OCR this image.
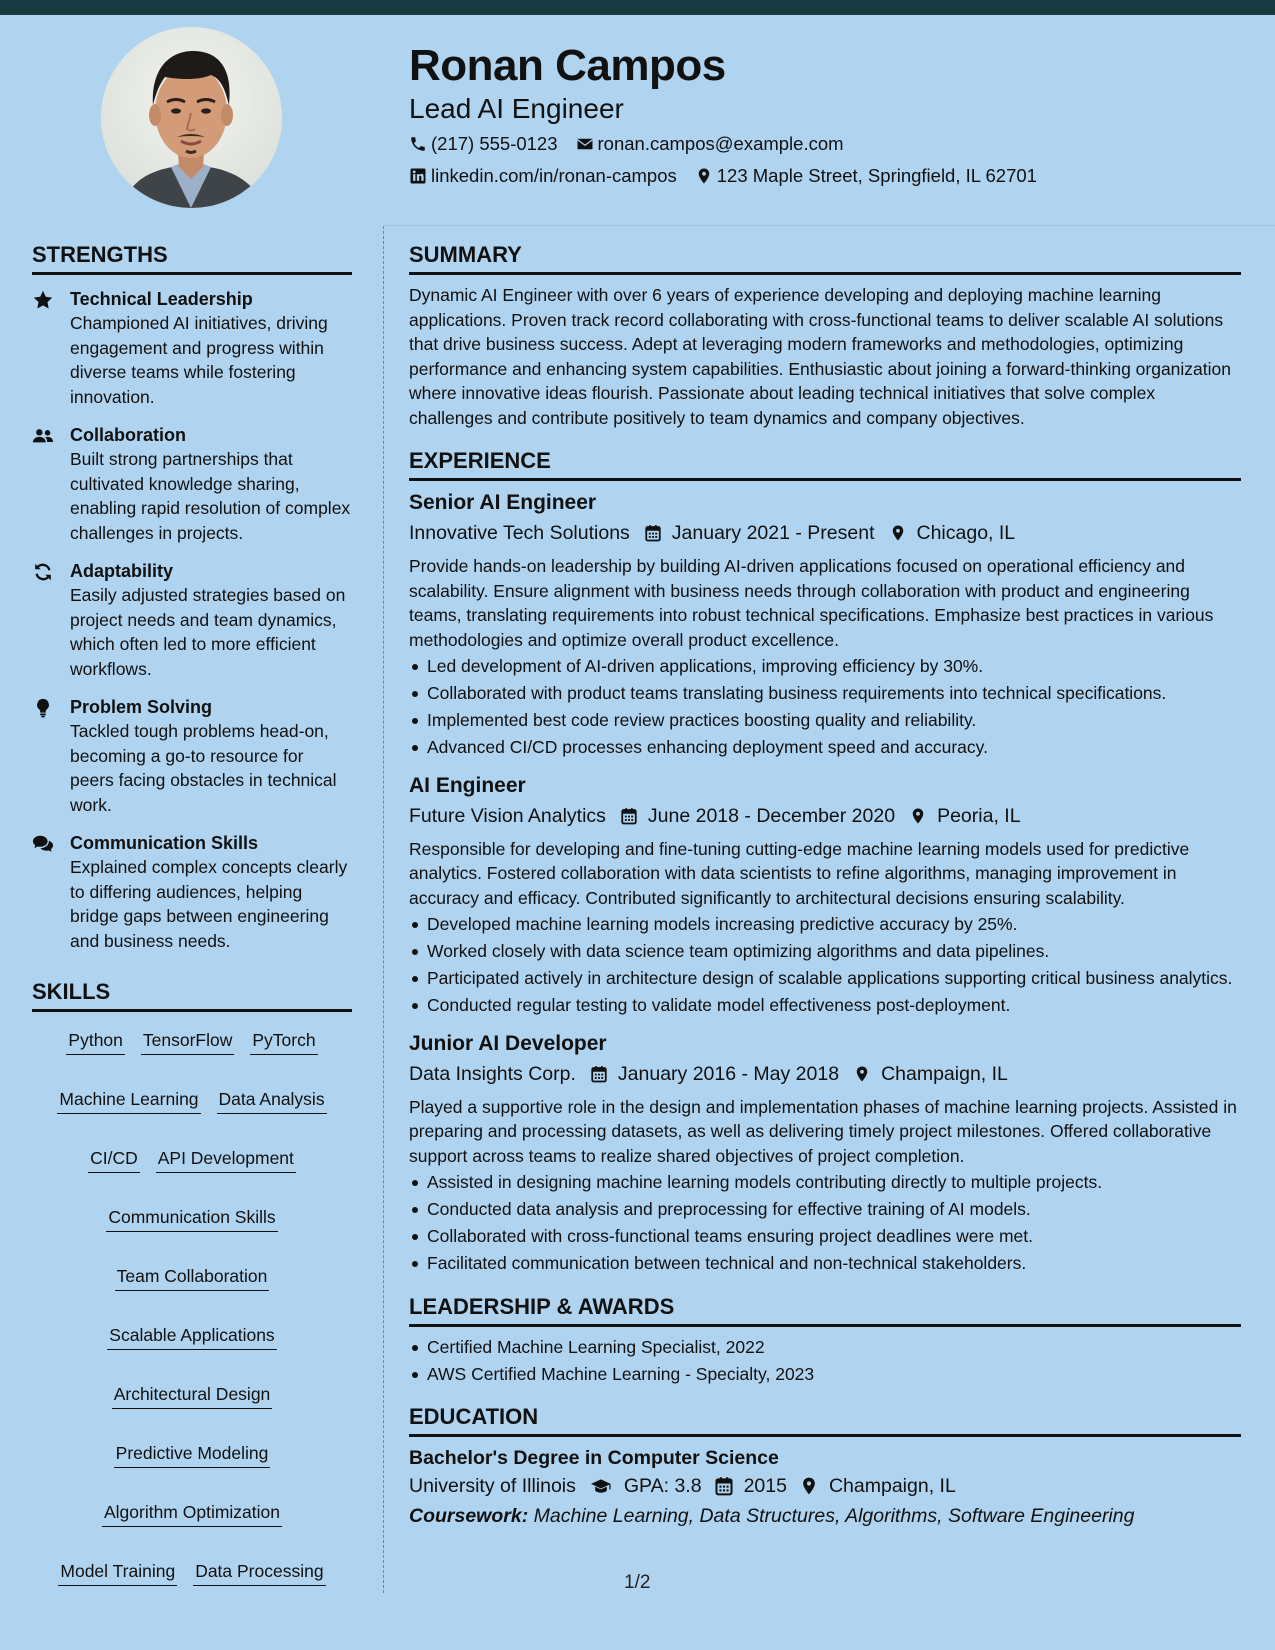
Ronan Campos
Lead AI Engineer
(217) 555-0123 ronan.campos@example.com
linkedin.com/in/ronan-campos 123 Maple Street, Springfield, IL 62701
STRENGTHS
Technical Leadership
Championed AI initiatives, driving engagement and progress within diverse teams while fostering innovation.
Collaboration
Built strong partnerships that cultivated knowledge sharing, enabling rapid resolution of complex challenges in projects.
Adaptability
Easily adjusted strategies based on project needs and team dynamics, which often led to more efficient workflows.
Problem Solving
Tackled tough problems head-on, becoming a go-to resource for peers facing obstacles in technical work.
Communication Skills
Explained complex concepts clearly to differing audiences, helping bridge gaps between engineering and business needs.
SKILLS
Python TensorFlow PyTorch
Machine Learning Data Analysis
CI/CD API Development
Communication Skills
Team Collaboration
Scalable Applications
Architectural Design
Predictive Modeling
Algorithm Optimization
Model Training Data Processing
SUMMARY
Dynamic AI Engineer with over 6 years of experience developing and deploying machine learning applications. Proven track record collaborating with cross-functional teams to deliver scalable AI solutions that drive business success. Adept at leveraging modern frameworks and methodologies, optimizing performance and enhancing system capabilities. Enthusiastic about joining a forward-thinking organization where innovative ideas flourish. Passionate about leading technical initiatives that solve complex challenges and contribute positively to team dynamics and company objectives.
EXPERIENCE
Senior AI Engineer
Innovative Tech Solutions January 2021 - Present Chicago, IL
Provide hands-on leadership by building AI-driven applications focused on operational efficiency and scalability. Ensure alignment with business needs through collaboration with product and engineering teams, translating requirements into robust technical specifications. Emphasize best practices in various methodologies and optimize overall product excellence.
Led development of AI-driven applications, improving efficiency by 30%.
Collaborated with product teams translating business requirements into technical specifications.
Implemented best code review practices boosting quality and reliability.
Advanced CI/CD processes enhancing deployment speed and accuracy.
AI Engineer
Future Vision Analytics June 2018 - December 2020 Peoria, IL
Responsible for developing and fine-tuning cutting-edge machine learning models used for predictive analytics. Fostered collaboration with data scientists to refine algorithms, managing improvement in accuracy and efficacy. Contributed significantly to architectural decisions ensuring scalability.
Developed machine learning models increasing predictive accuracy by 25%.
Worked closely with data science team optimizing algorithms and data pipelines.
Participated actively in architecture design of scalable applications supporting critical business analytics.
Conducted regular testing to validate model effectiveness post-deployment.
Junior AI Developer
Data Insights Corp. January 2016 - May 2018 Champaign, IL
Played a supportive role in the design and implementation phases of machine learning projects. Assisted in preparing and processing datasets, as well as delivering timely project milestones. Offered collaborative support across teams to realize shared objectives of project completion.
Assisted in designing machine learning models contributing directly to multiple projects.
Conducted data analysis and preprocessing for effective training of AI models.
Collaborated with cross-functional teams ensuring project deadlines were met.
Facilitated communication between technical and non-technical stakeholders.
LEADERSHIP & AWARDS
Certified Machine Learning Specialist, 2022
AWS Certified Machine Learning - Specialty, 2023
EDUCATION
Bachelor's Degree in Computer Science
University of Illinois GPA: 3.8 2015 Champaign, IL
Coursework: Machine Learning, Data Structures, Algorithms, Software Engineering
1/2
